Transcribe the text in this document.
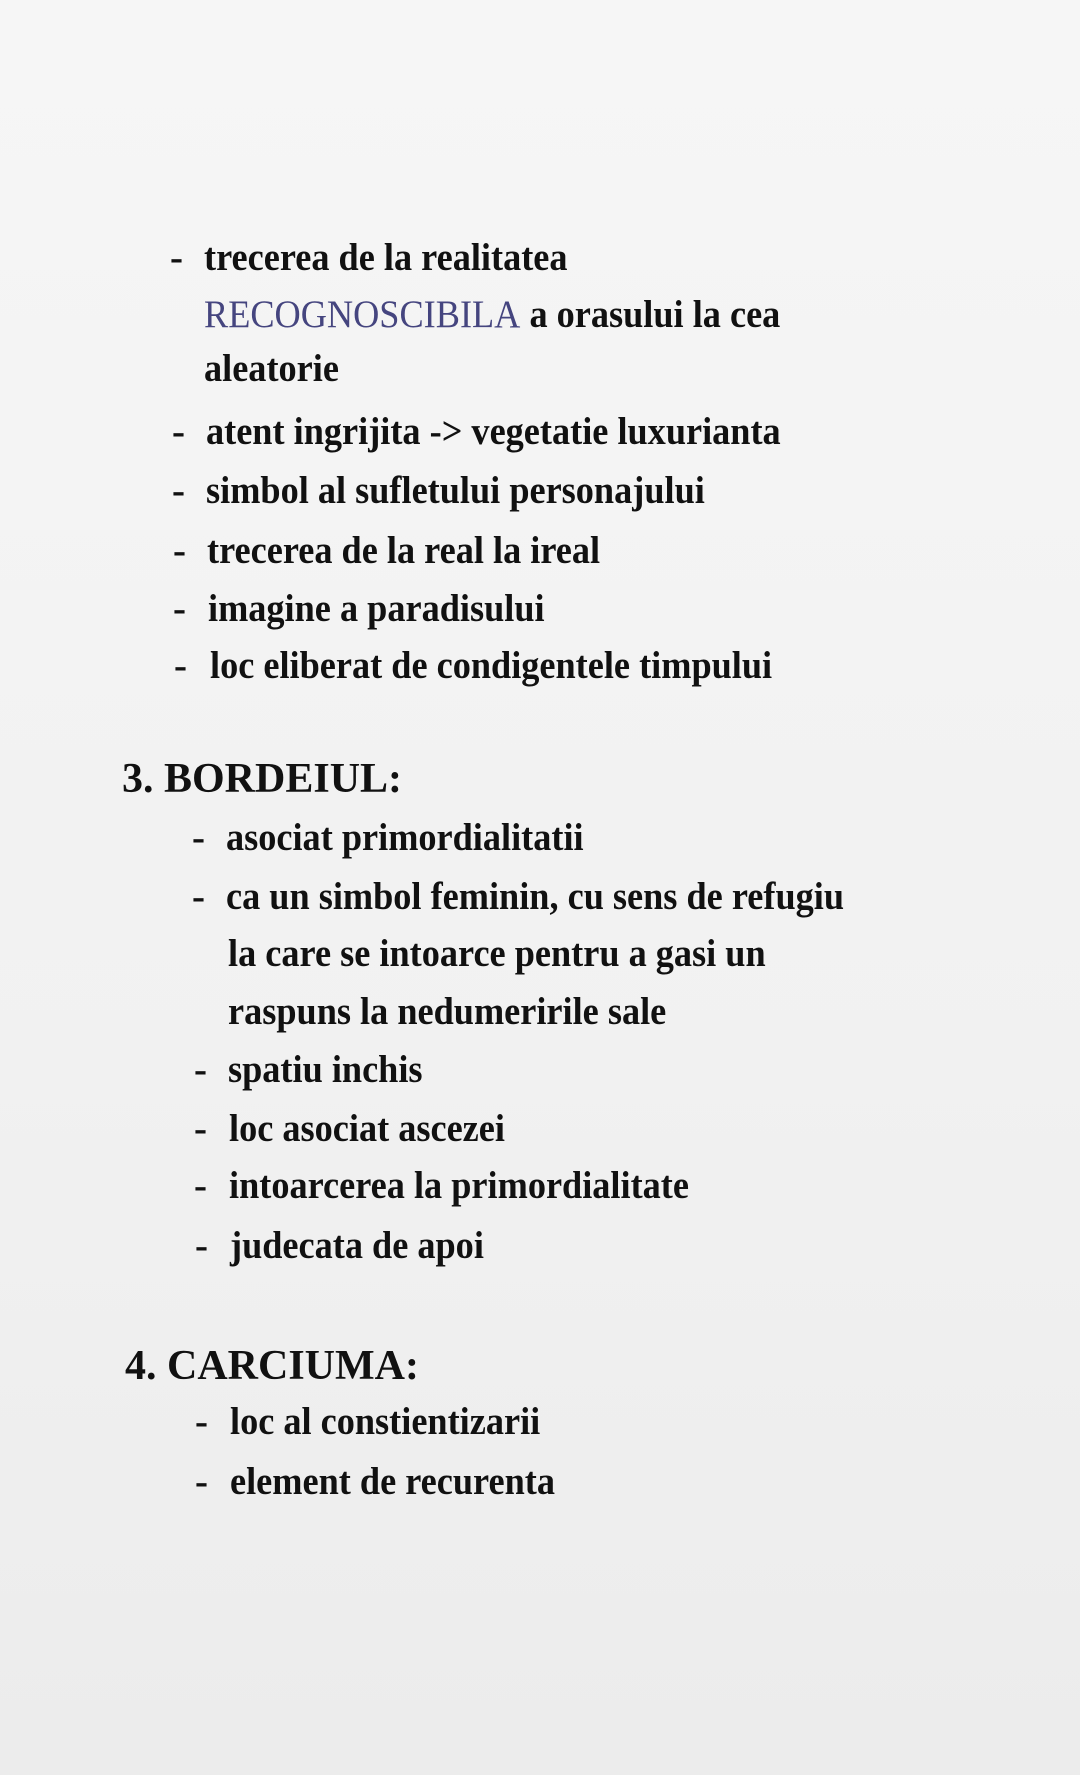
- trecerea de la realitatea
RECOGNOSCIBILA a orasului la cea
aleatorie
- atent ingrijita -> vegetatie luxurianta
- simbol al sufletului personajului
- trecerea de la real la ireal
- imagine a paradisului
- loc eliberat de condigentele timpului
3. BORDEIUL:
- asociat primordialitatii
- ca un simbol feminin, cu sens de refugiu
la care se intoarce pentru a gasi un
raspuns la nedumeririle sale
- spatiu inchis
- loc asociat ascezei
- intoarcerea la primordialitate
- judecata de apoi
4. CARCIUMA:
- loc al constientizarii
- element de recurenta
